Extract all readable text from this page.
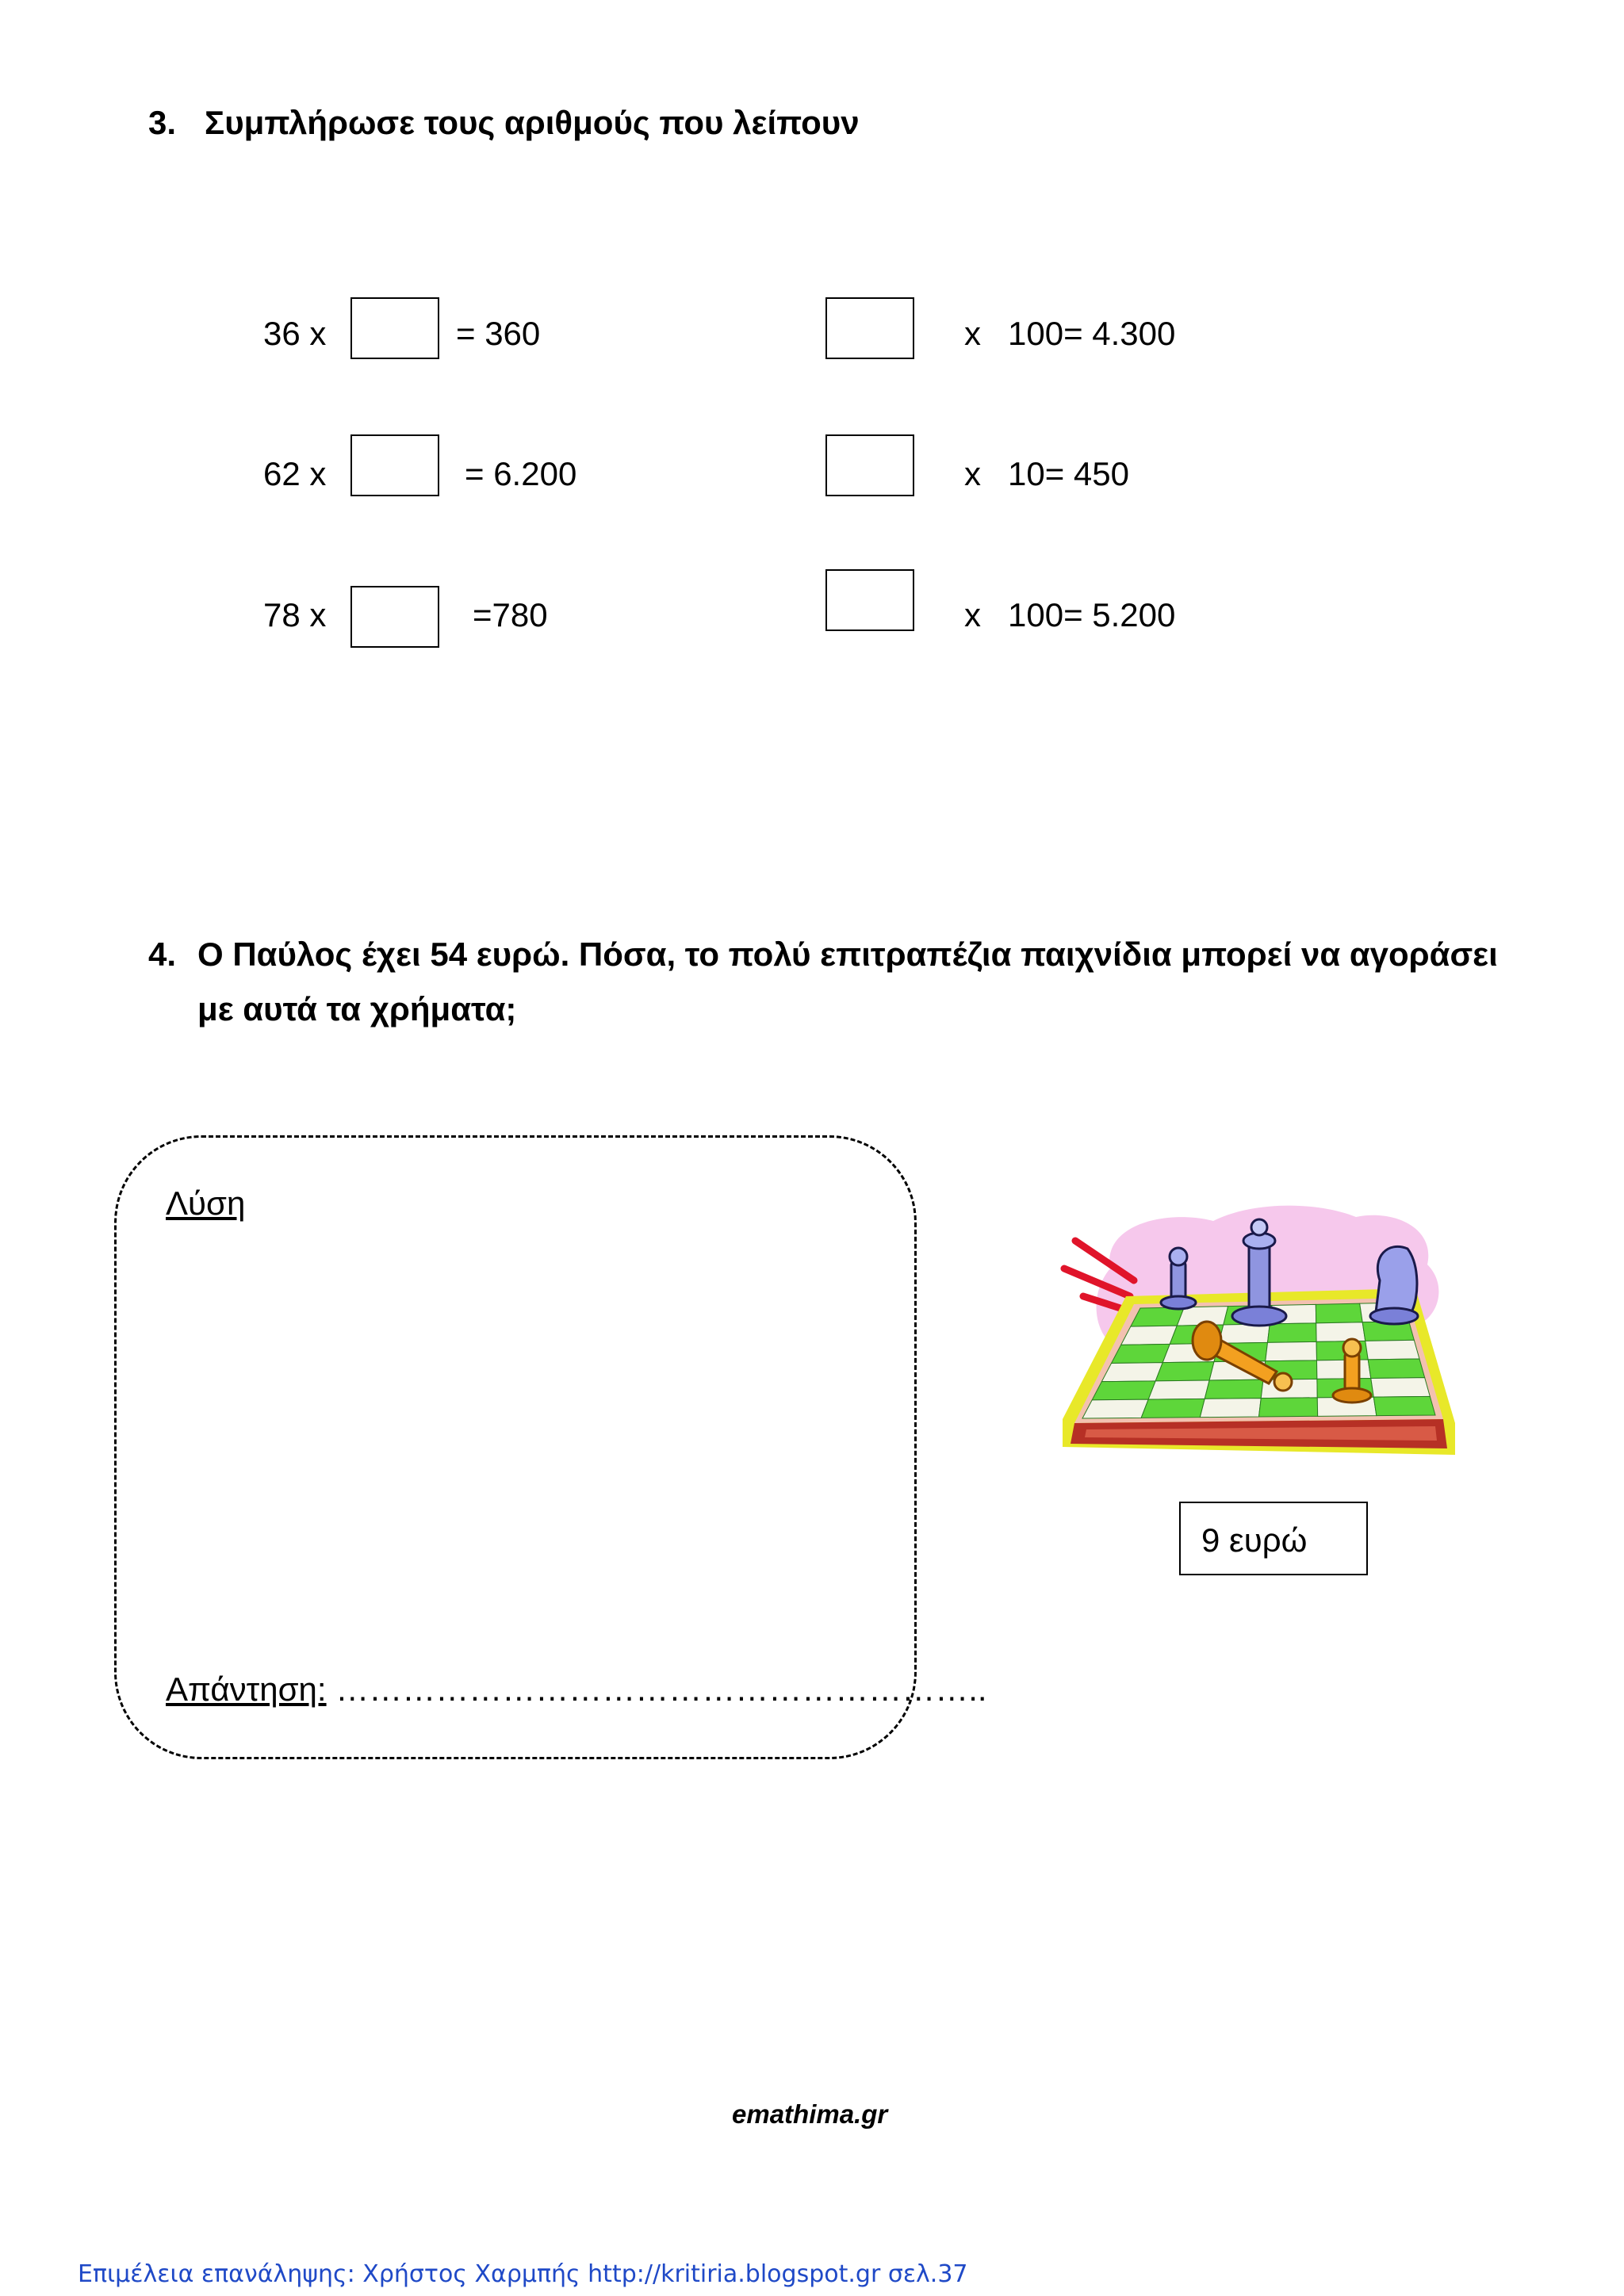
3. Συμπλήρωσε τους αριθμούς που λείπουν
36 x	= 360
62 x	= 6.200
78 x	=780
x 100= 4.300
x 10= 450
x 100= 5.200
4. Ο Παύλος έχει 54 ευρώ. Πόσα, το πολύ επιτραπέζια παιχνίδια μπορεί να αγοράσει
με αυτά τα χρήματα;
Λύση
Απάντηση: …………………………………………………..
9 ευρώ
emathima.gr
Επιμέλεια επανάληψης: Χρήστος Χαρμπής http://kritiria.blogspot.gr σελ.37
